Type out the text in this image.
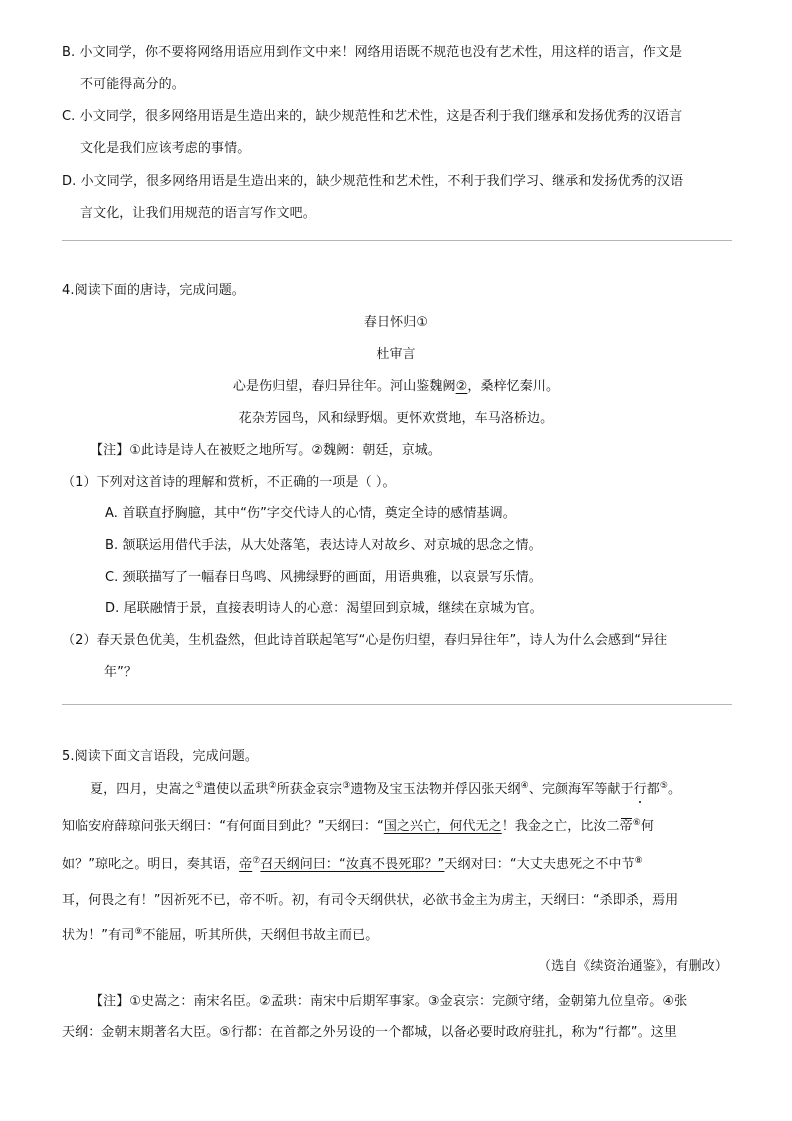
B. 小文同学，你不要将网络用语应用到作文中来！网络用语既不规范也没有艺术性，用这样的语言，作文是
不可能得高分的。
C. 小文同学，很多网络用语是生造出来的，缺少规范性和艺术性，这是否利于我们继承和发扬优秀的汉语言
文化是我们应该考虑的事情。
D. 小文同学，很多网络用语是生造出来的，缺少规范性和艺术性，不利于我们学习、继承和发扬优秀的汉语
言文化，让我们用规范的语言写作文吧。
4.阅读下面的唐诗，完成问题。
春日怀归①
杜审言
心是伤归望，春归异往年。河山鉴魏阙②，桑梓忆秦川。
花杂芳园鸟，风和绿野烟。更怀欢赏地，车马洛桥边。
【注】①此诗是诗人在被贬之地所写。②魏阙：朝廷，京城。
（1）下列对这首诗的理解和赏析，不正确的一项是（ ）。
A. 首联直抒胸臆，其中“伤”字交代诗人的心情，奠定全诗的感情基调。
B. 颔联运用借代手法，从大处落笔，表达诗人对故乡、对京城的思念之情。
C. 颈联描写了一幅春日鸟鸣、风拂绿野的画面，用语典雅，以哀景写乐情。
D. 尾联融情于景，直接表明诗人的心意：渴望回到京城，继续在京城为官。
（2）春天景色优美，生机盎然，但此诗首联起笔写“心是伤归望，春归异往年”，诗人为什么会感到“异往
年”？
5.阅读下面文言语段，完成问题。
夏，四月，史嵩之①遣使以孟珙②所获金哀宗③遗物及宝玉法物并俘囚张天纲④、完颜海军等献于行都⑤。
知临安府薛琼问张天纲曰：“有何面目到此？”天纲曰：“国之兴亡，何代无之！我金之亡，比汝二帝⑥何
如？”琼叱之。明日，奏其语，帝⑦召天纲问曰：“汝真不畏死耶？”天纲对曰：“大丈夫患死之不中节⑧
耳，何畏之有！”因祈死不已，帝不听。初，有司令天纲供状，必欲书金主为虏主，天纲曰：“杀即杀，焉用
状为！”有司⑨不能屈，听其所供，天纲但书故主而已。
（选自《续资治通鉴》，有删改）
【注】①史嵩之：南宋名臣。②孟珙：南宋中后期军事家。③金哀宗：完颜守绪，金朝第九位皇帝。④张
天纲：金朝末期著名大臣。⑤行都：在首都之外另设的一个都城，以备必要时政府驻扎，称为“行都”。这里
